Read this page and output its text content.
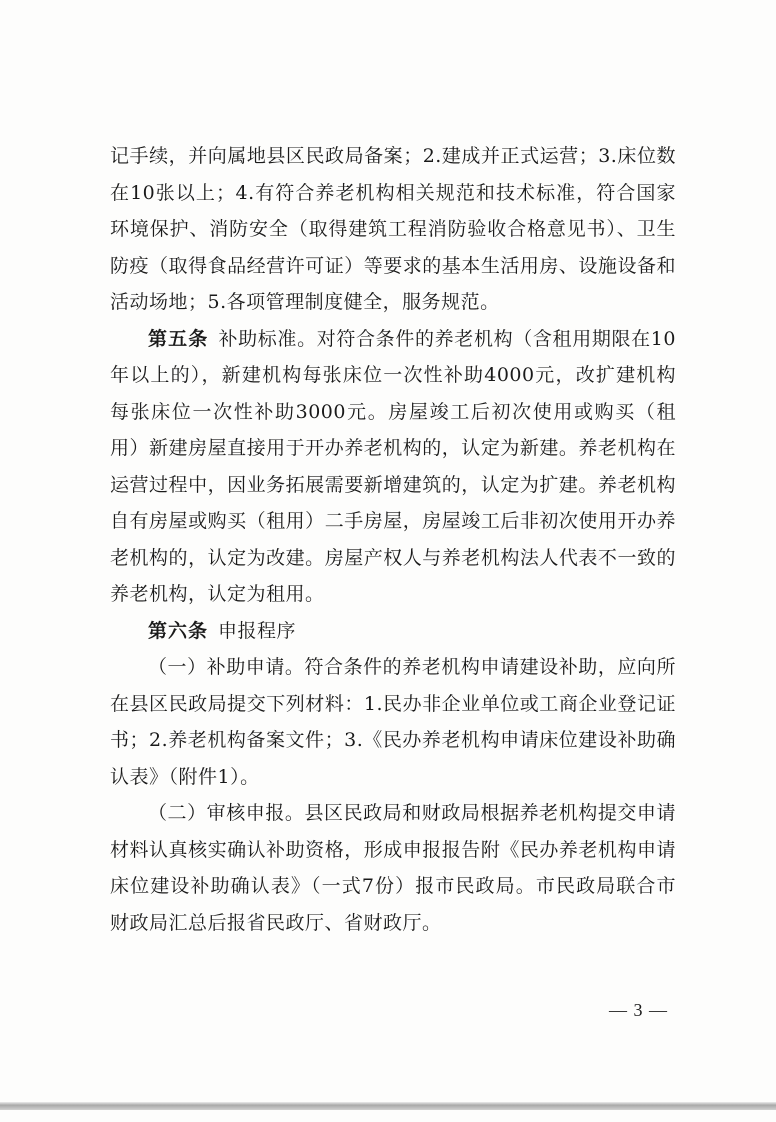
记手续，并向属地县区民政局备案；2.建成并正式运营；3.床位数在10张以上；4.有符合养老机构相关规范和技术标准，符合国家环境保护、消防安全（取得建筑工程消防验收合格意见书）、卫生防疫（取得食品经营许可证）等要求的基本生活用房、设施设备和活动场地；5.各项管理制度健全，服务规范。

第五条 补助标准。对符合条件的养老机构（含租用期限在10年以上的），新建机构每张床位一次性补助4000元，改扩建机构每张床位一次性补助3000元。房屋竣工后初次使用或购买（租用）新建房屋直接用于开办养老机构的，认定为新建。养老机构在运营过程中，因业务拓展需要新增建筑的，认定为扩建。养老机构自有房屋或购买（租用）二手房屋，房屋竣工后非初次使用开办养老机构的，认定为改建。房屋产权人与养老机构法人代表不一致的养老机构，认定为租用。

第六条 申报程序

（一）补助申请。符合条件的养老机构申请建设补助，应向所在县区民政局提交下列材料：1.民办非企业单位或工商企业登记证书；2.养老机构备案文件；3.《民办养老机构申请床位建设补助确认表》（附件1）。

（二）审核申报。县区民政局和财政局根据养老机构提交申请材料认真核实确认补助资格，形成申报报告附《民办养老机构申请床位建设补助确认表》（一式7份）报市民政局。市民政局联合市财政局汇总后报省民政厅、省财政厅。

— 3 —
